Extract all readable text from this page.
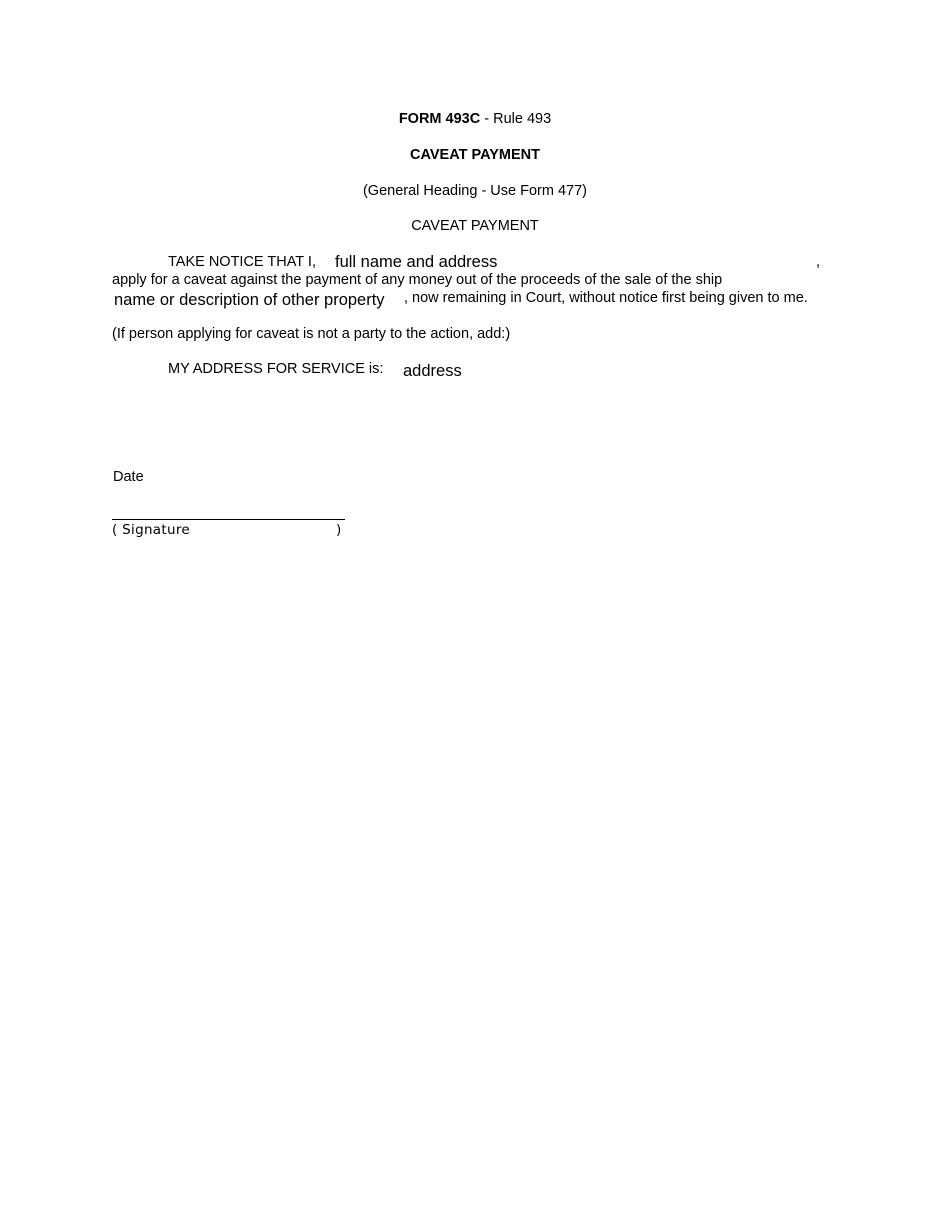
FORM 493C - Rule 493
CAVEAT PAYMENT
(General Heading - Use Form 477)
CAVEAT PAYMENT
TAKE NOTICE THAT I, full name and address	,
apply for a caveat against the payment of any money out of the proceeds of the sale of the ship
name or description of other property , now remaining in Court, without notice first being given to me.
(If person applying for caveat is not a party to the action, add:)
MY ADDRESS FOR SERVICE is: address
Date
( Signature	)
